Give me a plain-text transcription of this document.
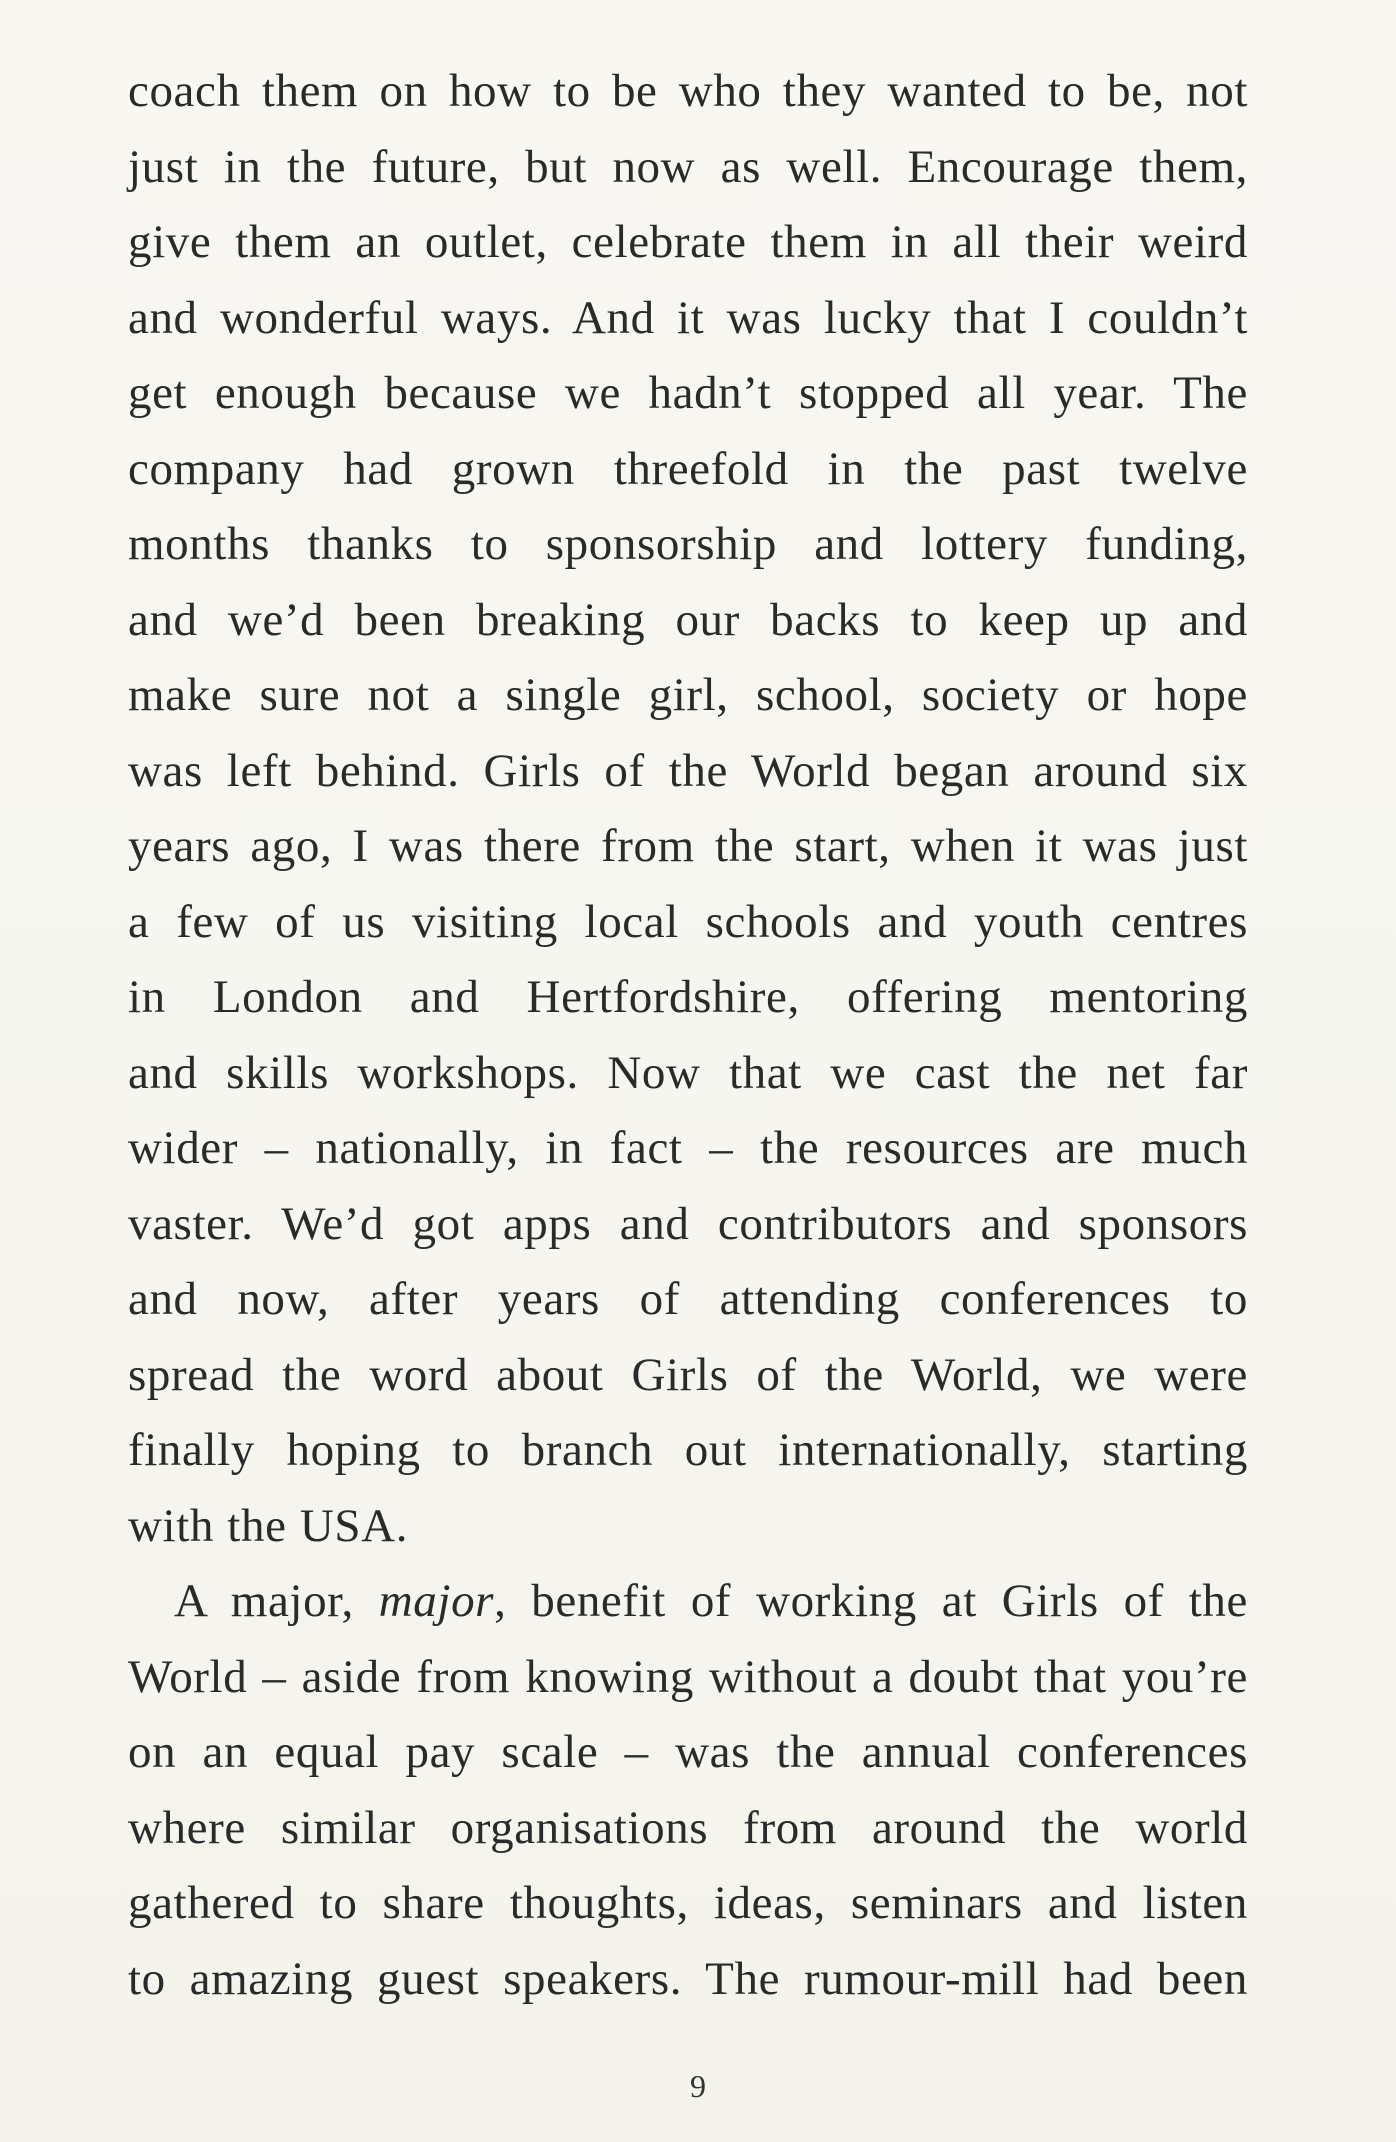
coach them on how to be who they wanted to be, not
just in the future, but now as well. Encourage them,
give them an outlet, celebrate them in all their weird
and wonderful ways. And it was lucky that I couldn’t
get enough because we hadn’t stopped all year. The
company had grown threefold in the past twelve
months thanks to sponsorship and lottery funding,
and we’d been breaking our backs to keep up and
make sure not a single girl, school, society or hope
was left behind. Girls of the World began around six
years ago, I was there from the start, when it was just
a few of us visiting local schools and youth centres
in London and Hertfordshire, offering mentoring
and skills workshops. Now that we cast the net far
wider – nationally, in fact – the resources are much
vaster. We’d got apps and contributors and sponsors
and now, after years of attending conferences to
spread the word about Girls of the World, we were
finally hoping to branch out internationally, starting
with the USA.
A major, major, benefit of working at Girls of the
World – aside from knowing without a doubt that you’re
on an equal pay scale – was the annual conferences
where similar organisations from around the world
gathered to share thoughts, ideas, seminars and listen
to amazing guest speakers. The rumour-mill had been
9
